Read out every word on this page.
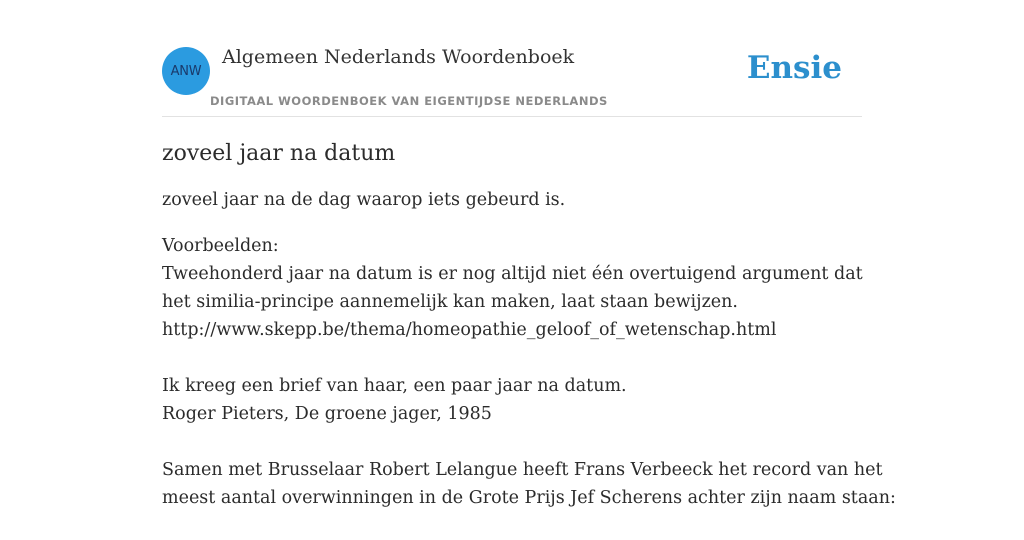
ANW
Algemeen Nederlands Woordenboek
DIGITAAL WOORDENBOEK VAN EIGENTIJDSE NEDERLANDS
Ensie
zoveel jaar na datum

zoveel jaar na de dag waarop iets gebeurd is.

Voorbeelden:

Tweehonderd jaar na datum is er nog altijd niet één overtuigend argument dat
het similia-principe aannemelijk kan maken, laat staan bewijzen.
http://www.skepp.be/thema/homeopathie_geloof_of_wetenschap.html

Ik kreeg een brief van haar, een paar jaar na datum.
Roger Pieters, De groene jager, 1985

Samen met Brusselaar Robert Lelangue heeft Frans Verbeeck het record van het
meest aantal overwinningen in de Grote Prijs Jef Scherens achter zijn naam staan:
